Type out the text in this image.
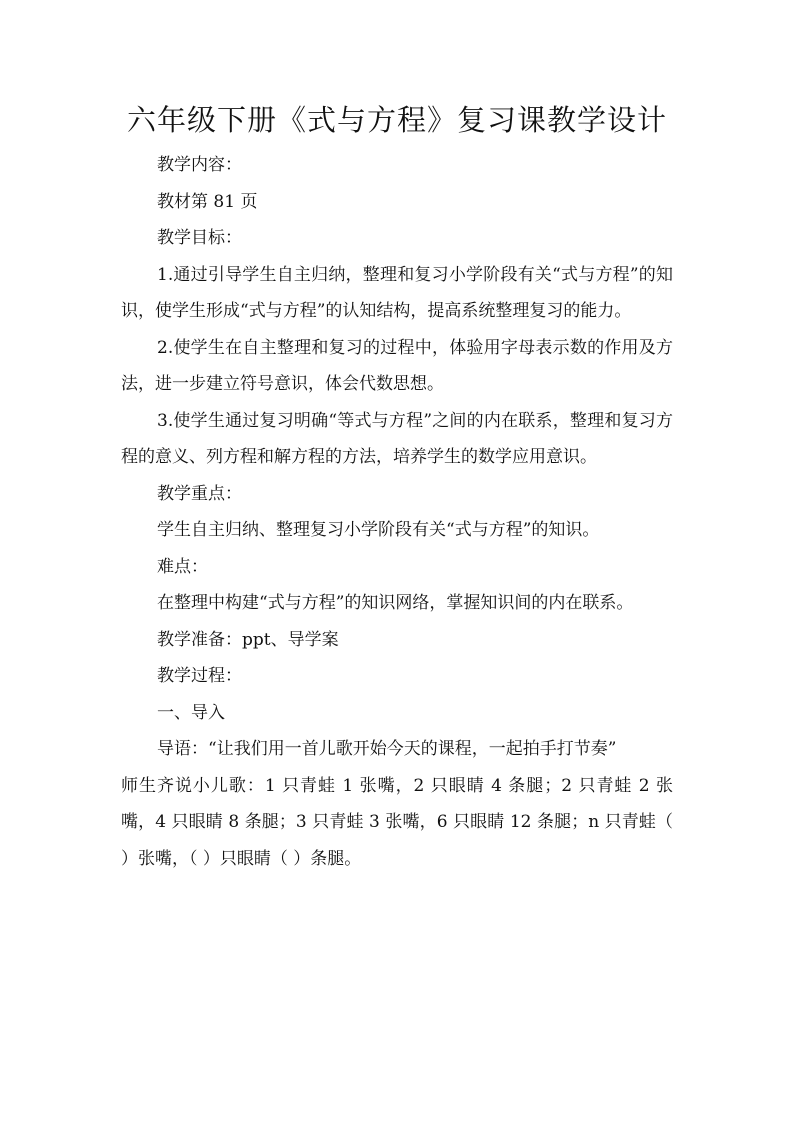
六年级下册《式与方程》复习课教学设计

教学内容：

教材第 81 页

教学目标：

1.通过引导学生自主归纳，整理和复习小学阶段有关“式与方程”的知识，使学生形成“式与方程”的认知结构，提高系统整理复习的能力。

2.使学生在自主整理和复习的过程中，体验用字母表示数的作用及方法，进一步建立符号意识，体会代数思想。

3.使学生通过复习明确“等式与方程”之间的内在联系，整理和复习方程的意义、列方程和解方程的方法，培养学生的数学应用意识。

教学重点：

学生自主归纳、整理复习小学阶段有关“式与方程”的知识。

难点：

在整理中构建“式与方程”的知识网络，掌握知识间的内在联系。

教学准备：ppt、导学案

教学过程：

一、导入

导语：“让我们用一首儿歌开始今天的课程，一起拍手打节奏”

师生齐说小儿歌：1 只青蛙 1 张嘴，2 只眼睛 4 条腿；2 只青蛙 2 张嘴，4 只眼睛 8 条腿；3 只青蛙 3 张嘴，6 只眼睛 12 条腿；n 只青蛙（ ）张嘴，（ ）只眼睛（ ）条腿。
